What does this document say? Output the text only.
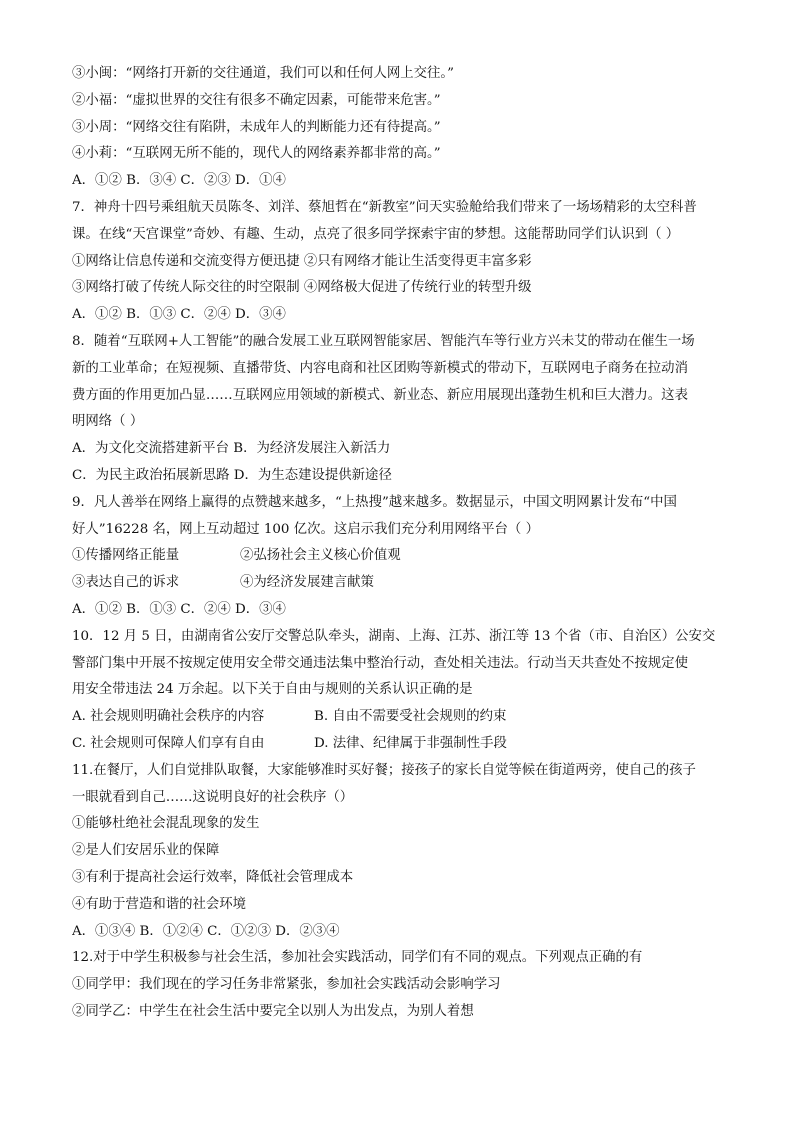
③小闽：“网络打开新的交往通道，我们可以和任何人网上交往。”
②小福：“虚拟世界的交往有很多不确定因素，可能带来危害。”
③小周：“网络交往有陷阱，未成年人的判断能力还有待提高。”
④小莉：“互联网无所不能的，现代人的网络素养都非常的高。”
A．①② B．③④ C．②③ D．①④
7．神舟十四号乘组航天员陈冬、刘洋、蔡旭哲在“新教室”问天实验舱给我们带来了一场场精彩的太空科普
课。在线“天宫课堂”奇妙、有趣、生动，点亮了很多同学探索宇宙的梦想。这能帮助同学们认识到（ ）
①网络让信息传递和交流变得方便迅捷 ②只有网络才能让生活变得更丰富多彩
③网络打破了传统人际交往的时空限制 ④网络极大促进了传统行业的转型升级
A．①② B．①③ C．②④ D．③④
8．随着“互联网+人工智能”的融合发展工业互联网智能家居、智能汽车等行业方兴未艾的带动在催生一场
新的工业革命；在短视频、直播带货、内容电商和社区团购等新模式的带动下，互联网电子商务在拉动消
费方面的作用更加凸显……互联网应用领域的新模式、新业态、新应用展现出蓬勃生机和巨大潜力。这表
明网络（ ）
A．为文化交流搭建新平台 B．为经济发展注入新活力
C．为民主政治拓展新思路 D．为生态建设提供新途径
9．凡人善举在网络上赢得的点赞越来越多，“上热搜”越来越多。数据显示，中国文明网累计发布“中国
好人”16228 名，网上互动超过 100 亿次。这启示我们充分利用网络平台（ ）
①传播网络正能量	②弘扬社会主义核心价值观
③表达自己的诉求	④为经济发展建言献策
A．①② B．①③ C．②④ D．③④
10．12 月 5 日，由湖南省公安厅交警总队牵头，湖南、上海、江苏、浙江等 13 个省（市、自治区）公安交
警部门集中开展不按规定使用安全带交通违法集中整治行动，查处相关违法。行动当天共查处不按规定使
用安全带违法 24 万余起。以下关于自由与规则的关系认识正确的是
A. 社会规则明确社会秩序的内容	B. 自由不需要受社会规则的约束
C. 社会规则可保障人们享有自由	D. 法律、纪律属于非强制性手段
11.在餐厅，人们自觉排队取餐，大家能够准时买好餐；接孩子的家长自觉等候在街道两旁，使自己的孩子
一眼就看到自己……这说明良好的社会秩序（）
①能够杜绝社会混乱现象的发生
②是人们安居乐业的保障
③有利于提高社会运行效率，降低社会管理成本
④有助于营造和谐的社会环境
A．①③④ B．①②④ C．①②③ D．②③④
12.对于中学生积极参与社会生活，参加社会实践活动，同学们有不同的观点。下列观点正确的有
①同学甲：我们现在的学习任务非常紧张，参加社会实践活动会影响学习
②同学乙：中学生在社会生活中要完全以别人为出发点，为别人着想
